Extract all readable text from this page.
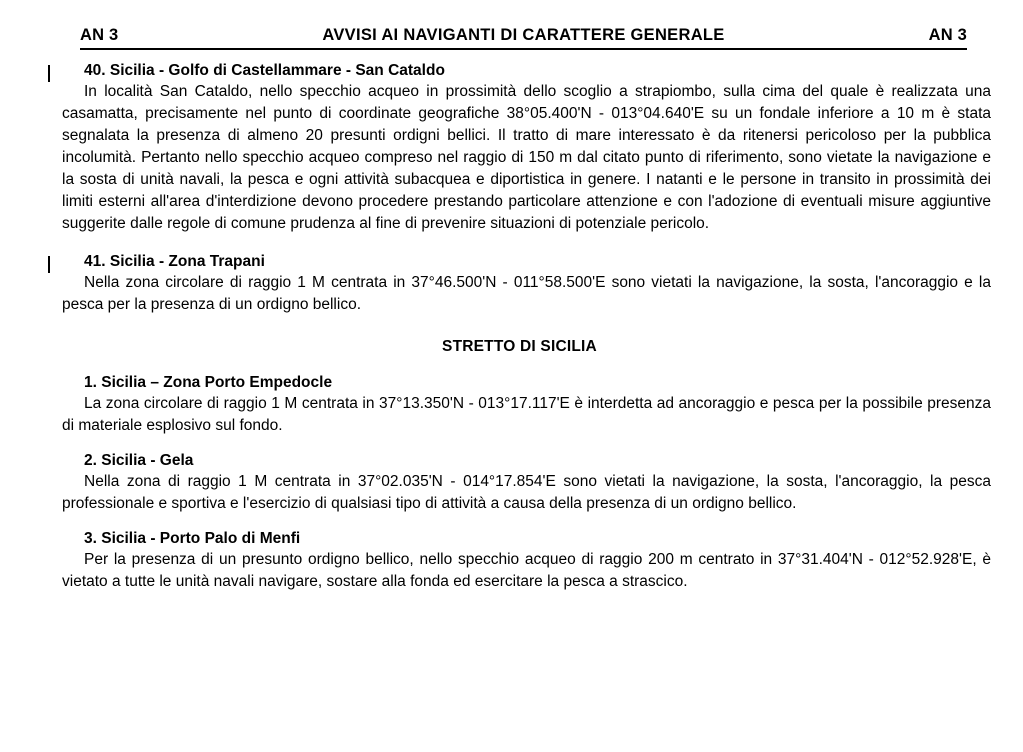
AN 3	AVVISI AI NAVIGANTI DI CARATTERE GENERALE	AN 3
40. Sicilia - Golfo di Castellammare - San Cataldo
In località San Cataldo, nello specchio acqueo in prossimità dello scoglio a strapiombo, sulla cima del quale è realizzata una casamatta, precisamente nel punto di coordinate geografiche 38°05.400'N - 013°04.640'E su un fondale inferiore a 10 m è stata segnalata la presenza di almeno 20 presunti ordigni bellici. Il tratto di mare interessato è da ritenersi pericoloso per la pubblica incolumità. Pertanto nello specchio acqueo compreso nel raggio di 150 m dal citato punto di riferimento, sono vietate la navigazione e la sosta di unità navali, la pesca e ogni attività subacquea e diportistica in genere. I natanti e le persone in transito in prossimità dei limiti esterni all'area d'interdizione devono procedere prestando particolare attenzione e con l'adozione di eventuali misure aggiuntive suggerite dalle regole di comune prudenza al fine di prevenire situazioni di potenziale pericolo.
41. Sicilia - Zona Trapani
Nella zona circolare di raggio 1 M centrata in 37°46.500'N - 011°58.500'E sono vietati la navigazione, la sosta, l'ancoraggio e la pesca per la presenza di un ordigno bellico.
STRETTO DI SICILIA
1. Sicilia – Zona Porto Empedocle
La zona circolare di raggio 1 M centrata in 37°13.350'N - 013°17.117'E è interdetta ad ancoraggio e pesca per la possibile presenza di materiale esplosivo sul fondo.
2. Sicilia - Gela
Nella zona di raggio 1 M centrata in 37°02.035'N - 014°17.854'E sono vietati la navigazione, la sosta, l'ancoraggio, la pesca professionale e sportiva e l'esercizio di qualsiasi tipo di attività a causa della presenza di un ordigno bellico.
3. Sicilia - Porto Palo di Menfi
Per la presenza di un presunto ordigno bellico, nello specchio acqueo di raggio 200 m centrato in 37°31.404'N - 012°52.928'E, è vietato a tutte le unità navali navigare, sostare alla fonda ed esercitare la pesca a strascico.
